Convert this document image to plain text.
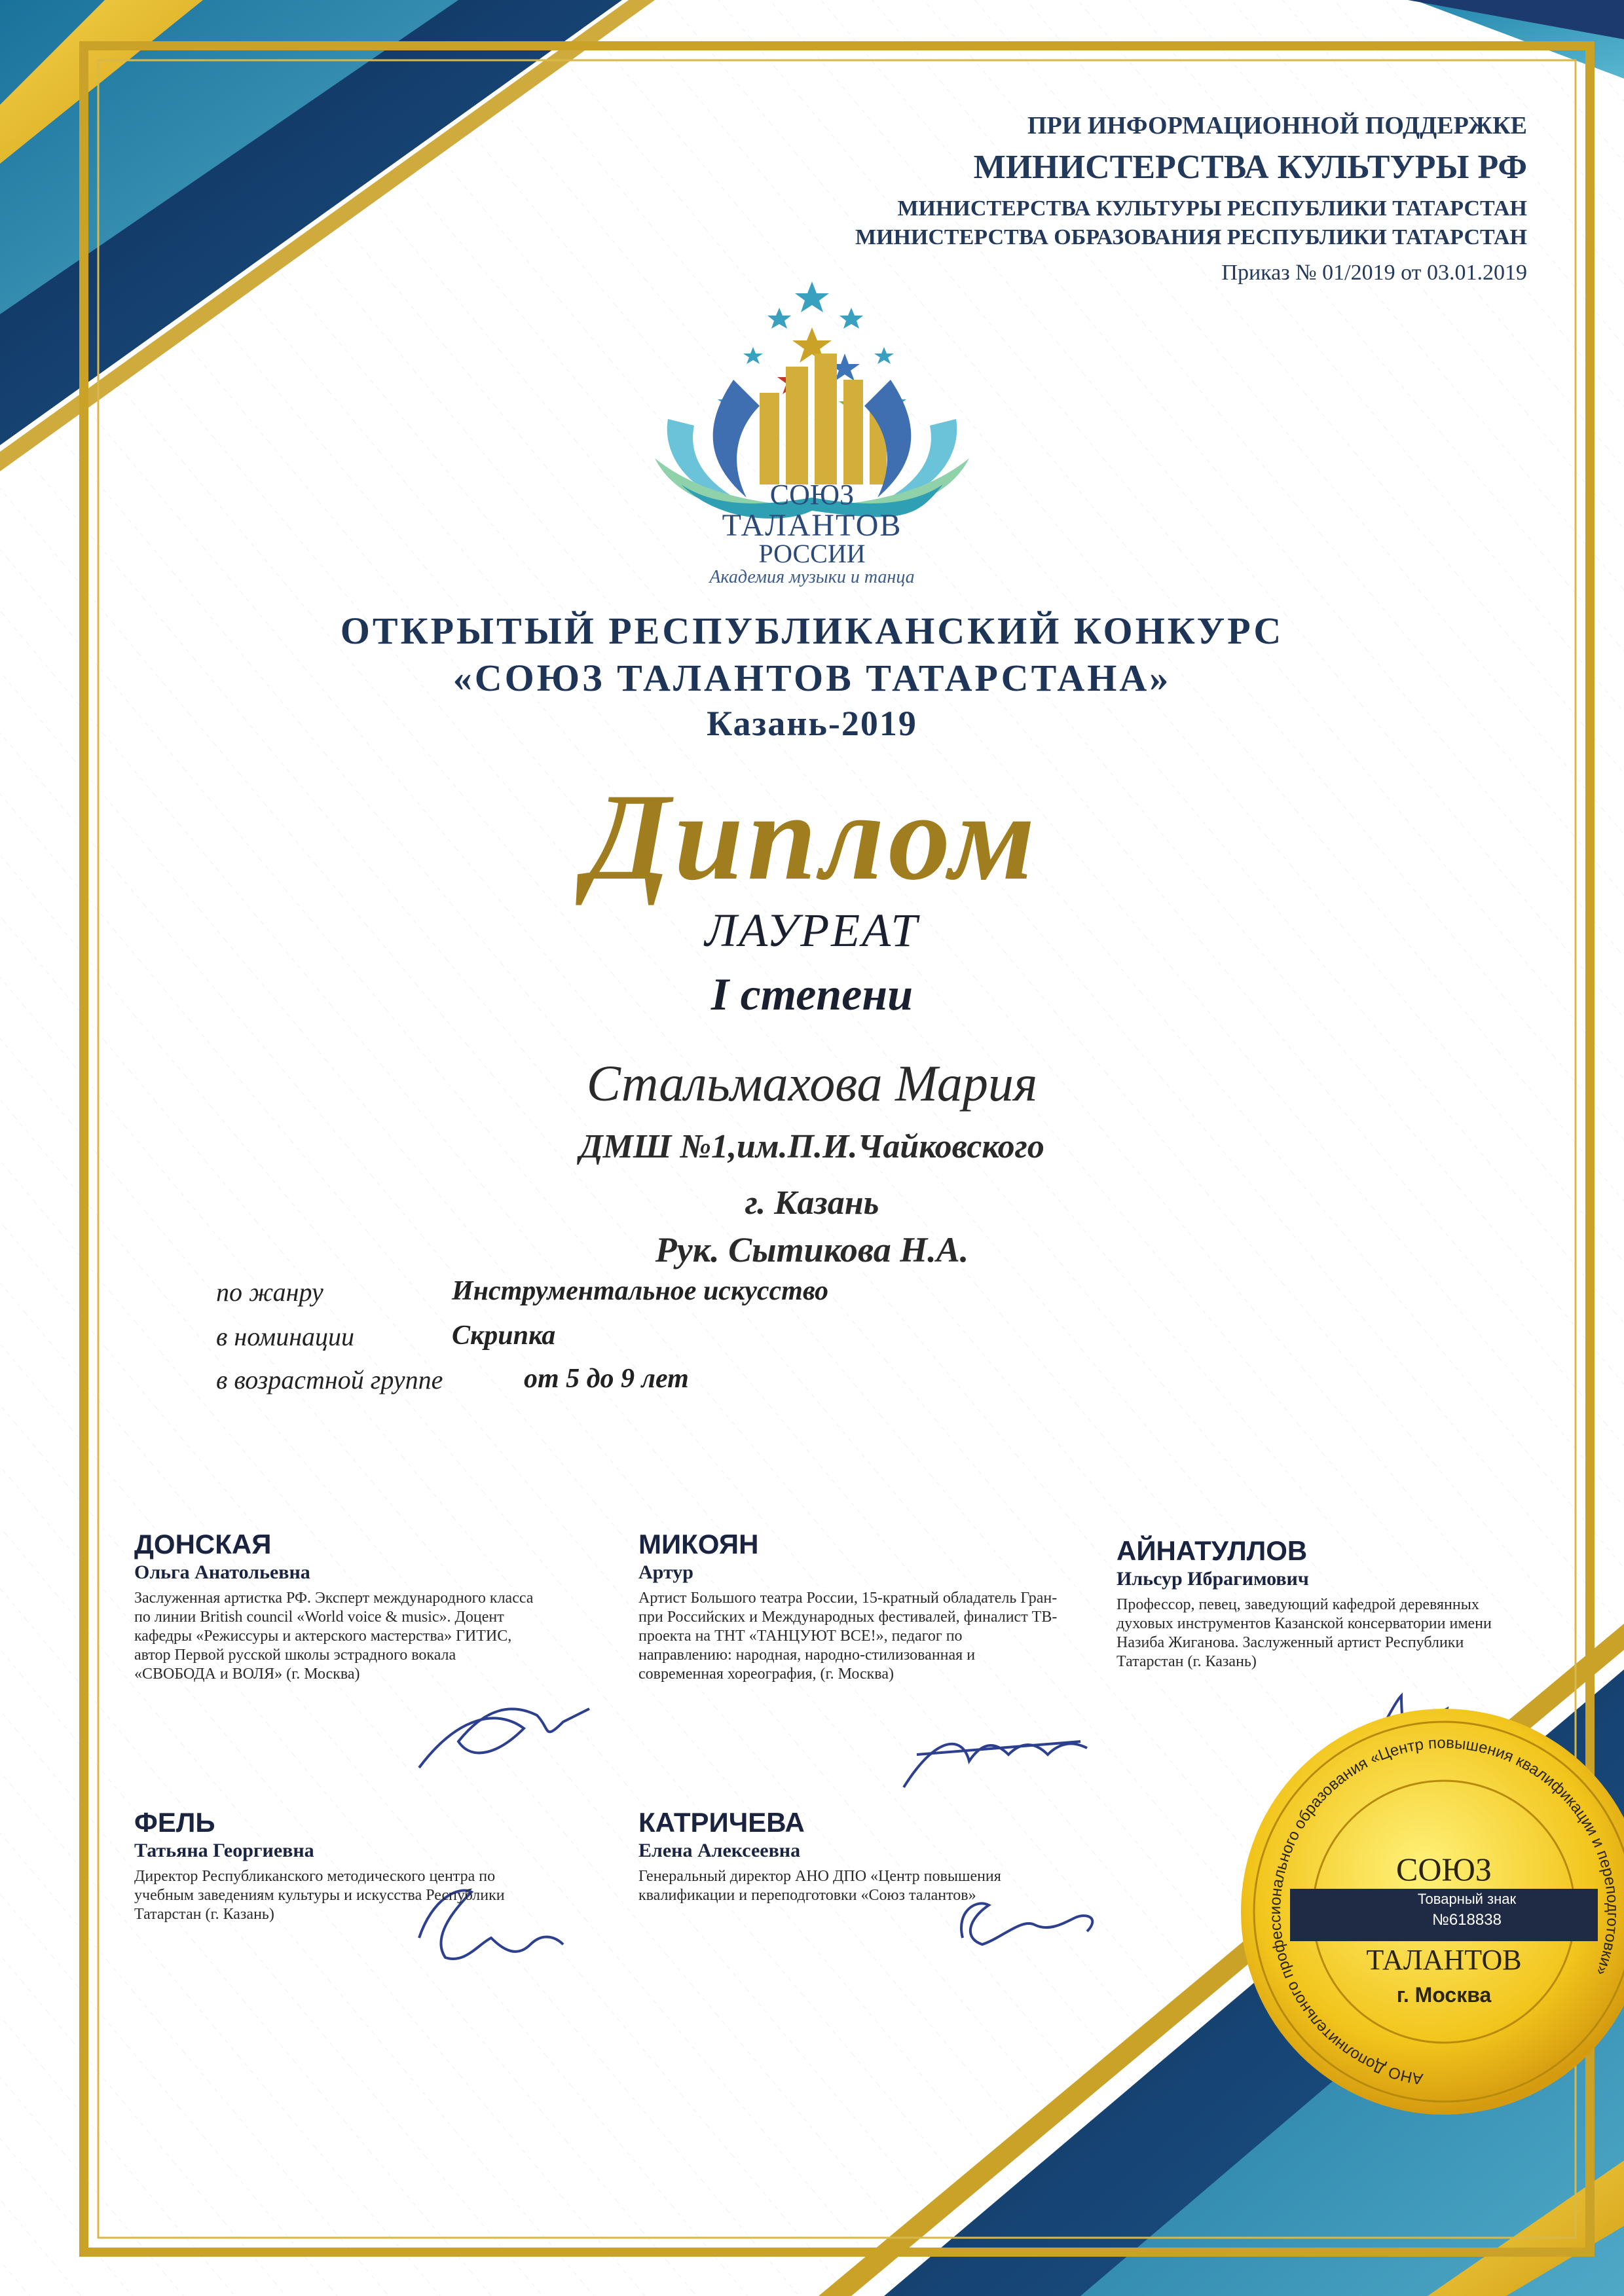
ПРИ ИНФОРМАЦИОННОЙ ПОДДЕРЖКЕ
МИНИСТЕРСТВА КУЛЬТУРЫ РФ
МИНИСТЕРСТВА КУЛЬТУРЫ РЕСПУБЛИКИ ТАТАРСТАН
МИНИСТЕРСТВА ОБРАЗОВАНИЯ РЕСПУБЛИКИ ТАТАРСТАН
Приказ № 01/2019 от 03.01.2019
СОЮЗ
ТАЛАНТОВ
РОССИИ
Академия музыки и танца
ОТКРЫТЫЙ РЕСПУБЛИКАНСКИЙ КОНКУРС
«СОЮЗ ТАЛАНТОВ ТАТАРСТАНА»
Казань-2019
Диплом
ЛАУРЕАТ
I степени
Стальмахова Мария
ДМШ №1,им.П.И.Чайковского
г. Казань
Рук. Сытикова Н.А.
по жанру	Инструментальное искусство
в номинации	Скрипка
в возрастной группе	от 5 до 9 лет
ДОНСКАЯ
Ольга Анатольевна
Заслуженная артистка РФ. Эксперт международного класса по линии British council «World voice & music». Доцент кафедры «Режиссуры и актерского мастерства» ГИТИС, автор Первой русской школы эстрадного вокала «СВОБОДА и ВОЛЯ» (г. Москва)
МИКОЯН
Артур
Артист Большого театра России, 15-кратный обладатель Гран-при Российских и Международных фестивалей, финалист ТВ-проекта на ТНТ «ТАНЦУЮТ ВСЕ!», педагог по направлению: народная, народно-стилизованная и современная хореография, (г. Москва)
АЙНАТУЛЛОВ
Ильсур Ибрагимович
Профессор, певец, заведующий кафедрой деревянных духовых инструментов Казанской консерватории имени Назиба Жиганова. Заслуженный артист Республики Татарстан (г. Казань)
ФЕЛЬ
Татьяна Георгиевна
Директор Республиканского методического центра по учебным заведениям культуры и искусства Республики Татарстан (г. Казань)
КАТРИЧЕВА
Елена Алексеевна
Генеральный директор АНО ДПО «Центр повышения квалификации и переподготовки «Союз талантов»
АНО Дополнительного профессионального образования «Центр повышения квалификации и переподготовки»
СОЮЗ
Товарный знак
№618838
ТАЛАНТОВ
г. Москва
